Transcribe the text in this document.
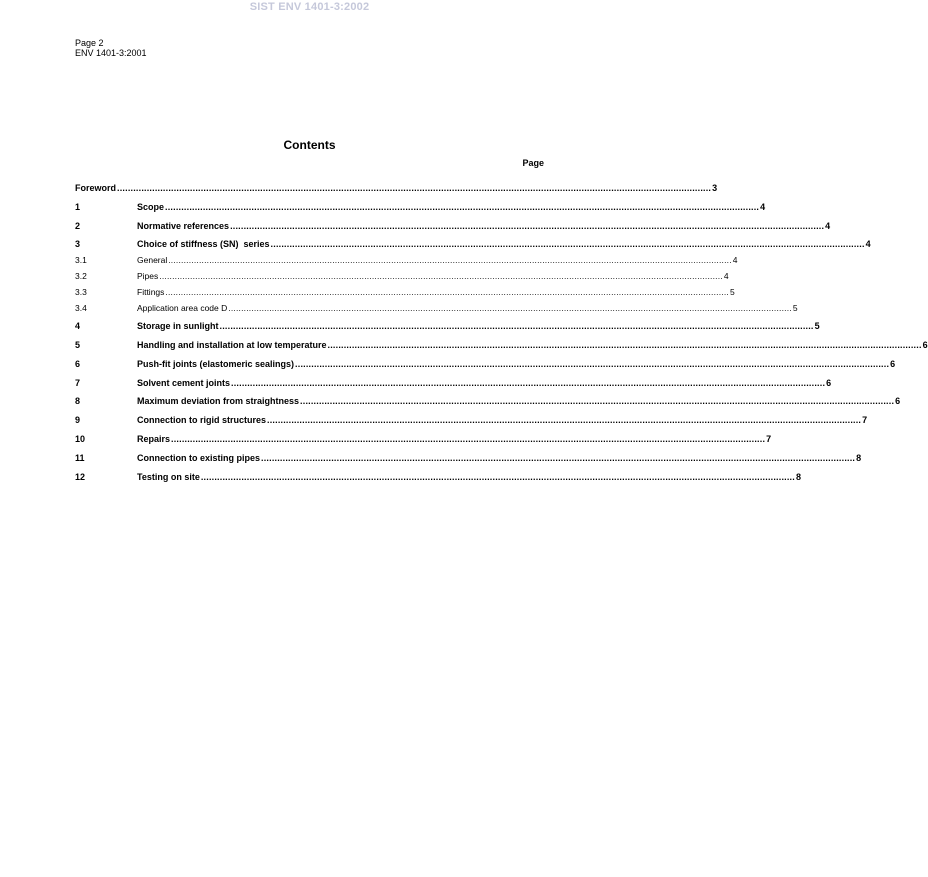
SIST ENV 1401-3:2002
Page 2
ENV 1401-3:2001
Contents
Page
Foreword ............................................................................................................................................................................................................................ 3
1	Scope ............................................................................................................................................................................................................................ 4
2	Normative references ............................................................................................................................................................................................................................ 4
3	Choice of stiffness (SN)  series ............................................................................................................................................................................................................................ 4
3.1	General ............................................................................................................................................................................................................................ 4
3.2	Pipes ............................................................................................................................................................................................................................ 4
3.3	Fittings ............................................................................................................................................................................................................................ 5
3.4	Application area code D ............................................................................................................................................................................................................................ 5
4	Storage in sunlight ............................................................................................................................................................................................................................ 5
5	Handling and installation at low temperature ............................................................................................................................................................................................................................ 6
6	Push-fit joints (elastomeric sealings) ............................................................................................................................................................................................................................ 6
7	Solvent cement joints ............................................................................................................................................................................................................................ 6
8	Maximum deviation from straightness ............................................................................................................................................................................................................................ 6
9	Connection to rigid structures ............................................................................................................................................................................................................................ 7
10	Repairs ............................................................................................................................................................................................................................ 7
11	Connection to existing pipes ............................................................................................................................................................................................................................ 8
12	Testing on site ............................................................................................................................................................................................................................ 8
